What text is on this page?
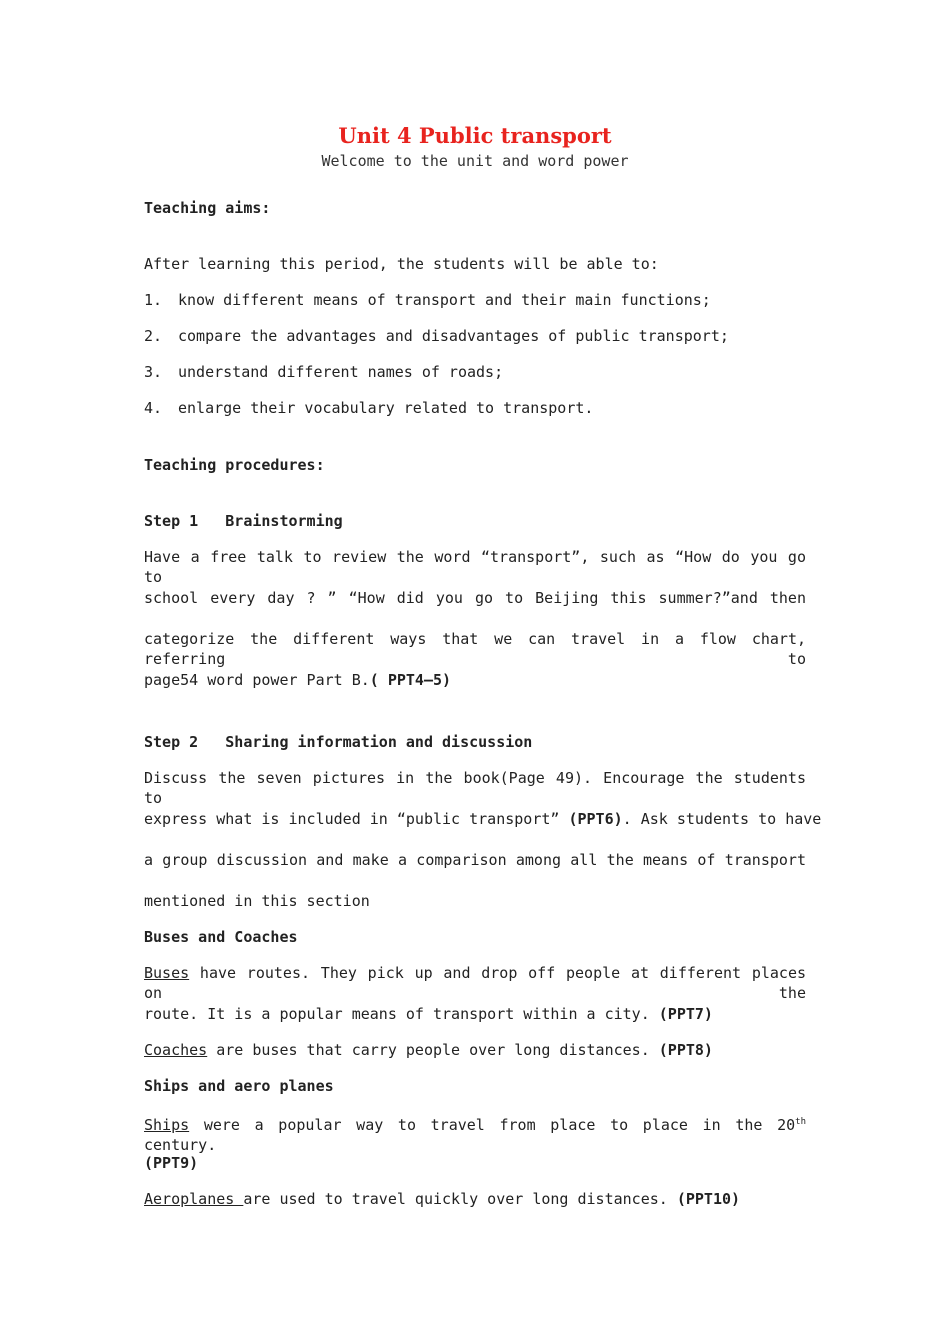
Unit 4 Public transport
Welcome to the unit and word power
Teaching aims:
After learning this period, the students will be able to:
1. know different means of transport and their main functions;
2. compare the advantages and disadvantages of public transport;
3. understand different names of roads;
4. enlarge their vocabulary related to transport.
Teaching procedures:
Step 1   Brainstorming
Have a free talk to review the word “transport”, such as “How do you go to
school every day ? ” “How did you go to Beijing this summer?”and then
categorize the different ways that we can travel in a flow chart, referring to
page54 word power Part B.( PPT4—5)
Step 2   Sharing information and discussion
Discuss the seven pictures in the book(Page 49). Encourage the students to
express what is included in “public transport” (PPT6). Ask students to have
a group discussion and make a comparison among all the means of transport
mentioned in this section
Buses and Coaches
Buses have routes. They pick up and drop off people at different places on the
route. It is a popular means of transport within a city. (PPT7)
Coaches are buses that carry people over long distances. (PPT8)
Ships and aero planes
Ships were a popular way to travel from place to place in the 20th century.
(PPT9)
Aeroplanes are used to travel quickly over long distances. (PPT10)
